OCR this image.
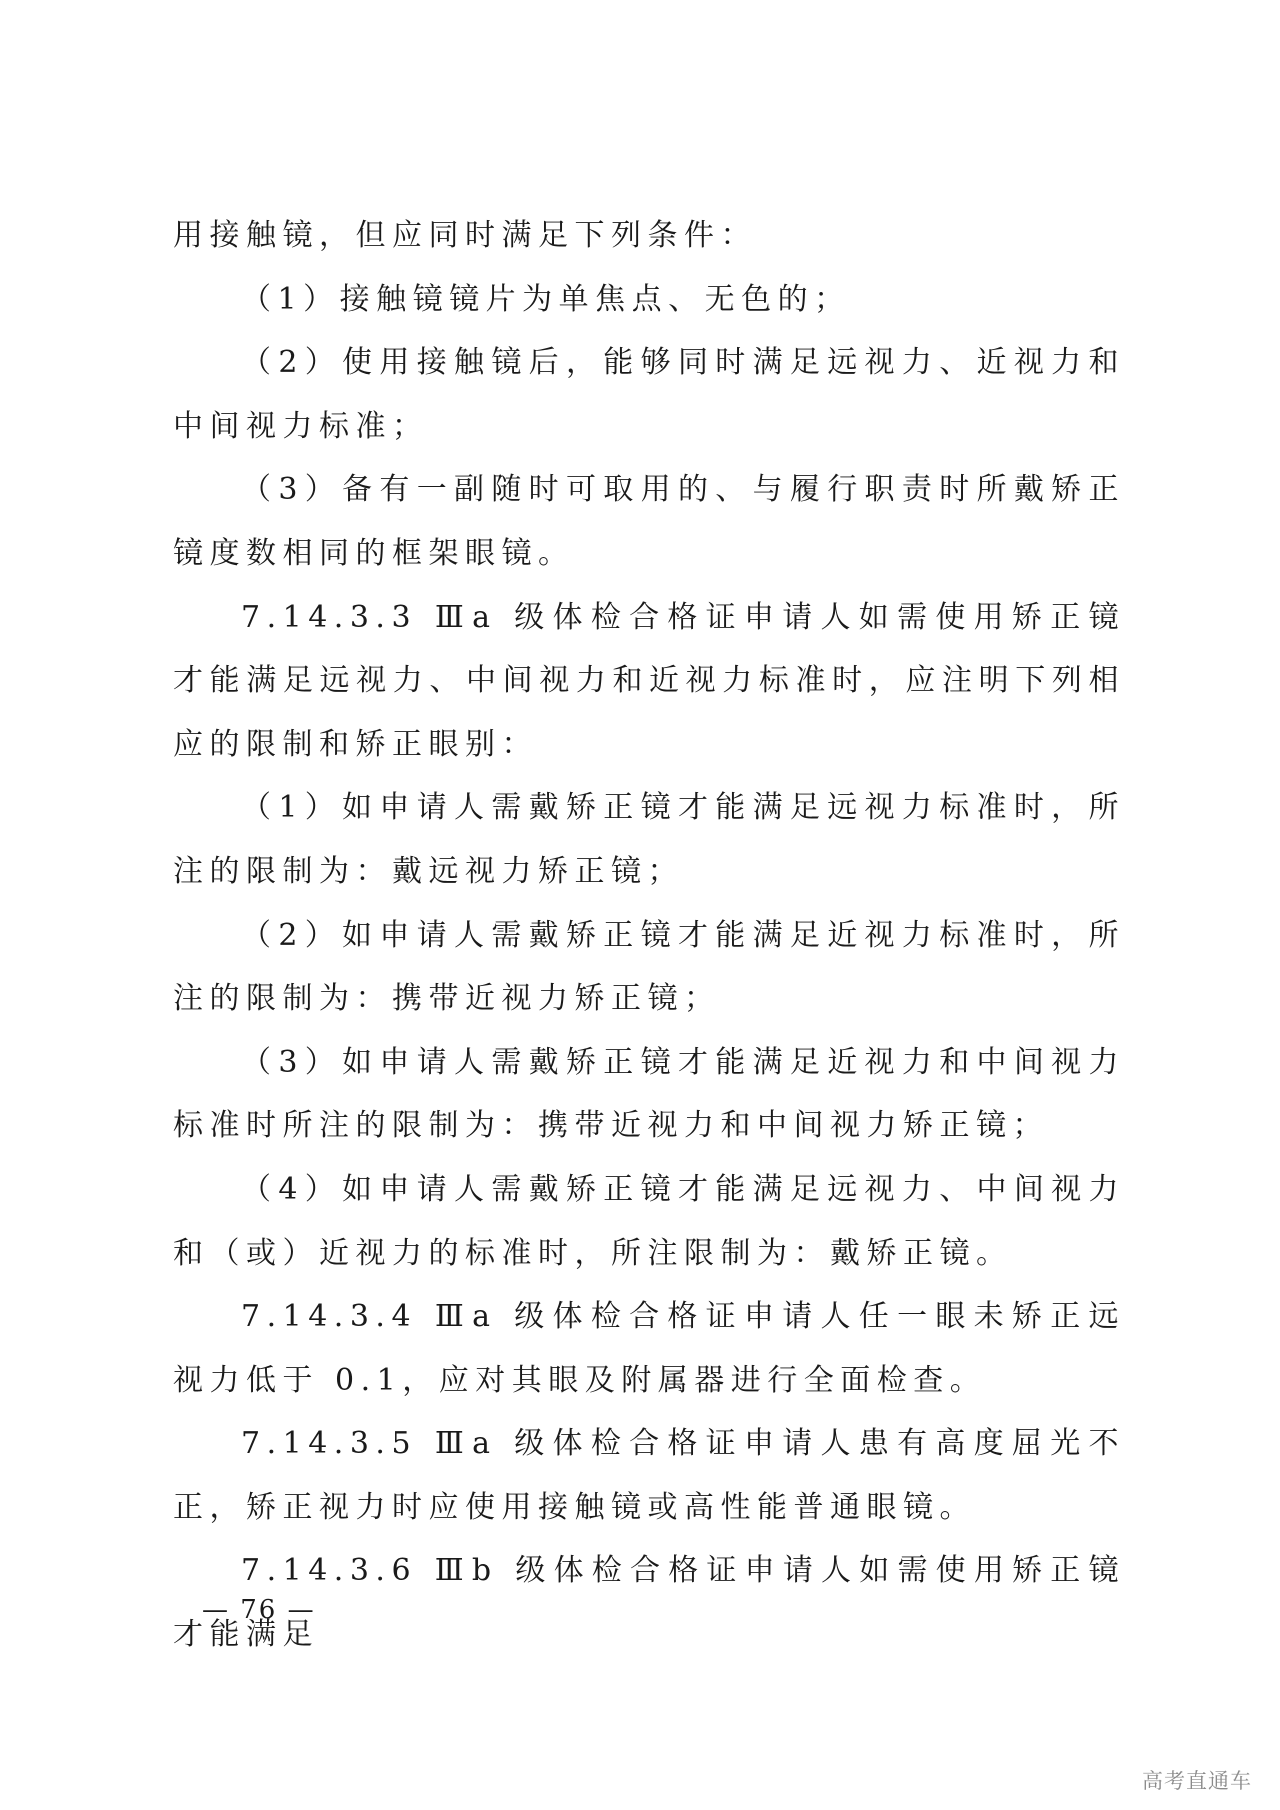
用接触镜，但应同时满足下列条件：

（1）接触镜镜片为单焦点、无色的；

（2）使用接触镜后，能够同时满足远视力、近视力和中间视力标准；

（3）备有一副随时可取用的、与履行职责时所戴矫正镜度数相同的框架眼镜。

7.14.3.3 Ⅲa 级体检合格证申请人如需使用矫正镜才能满足远视力、中间视力和近视力标准时，应注明下列相应的限制和矫正眼别：

（1）如申请人需戴矫正镜才能满足远视力标准时，所注的限制为：戴远视力矫正镜；

（2）如申请人需戴矫正镜才能满足近视力标准时，所注的限制为：携带近视力矫正镜；

（3）如申请人需戴矫正镜才能满足近视力和中间视力标准时所注的限制为：携带近视力和中间视力矫正镜；

（4）如申请人需戴矫正镜才能满足远视力、中间视力和（或）近视力的标准时，所注限制为：戴矫正镜。

7.14.3.4 Ⅲa 级体检合格证申请人任一眼未矫正远视力低于 0.1，应对其眼及附属器进行全面检查。

7.14.3.5 Ⅲa 级体检合格证申请人患有高度屈光不正，矫正视力时应使用接触镜或高性能普通眼镜。

7.14.3.6 Ⅲb 级体检合格证申请人如需使用矫正镜才能满足

— 76 —
高考直通车
